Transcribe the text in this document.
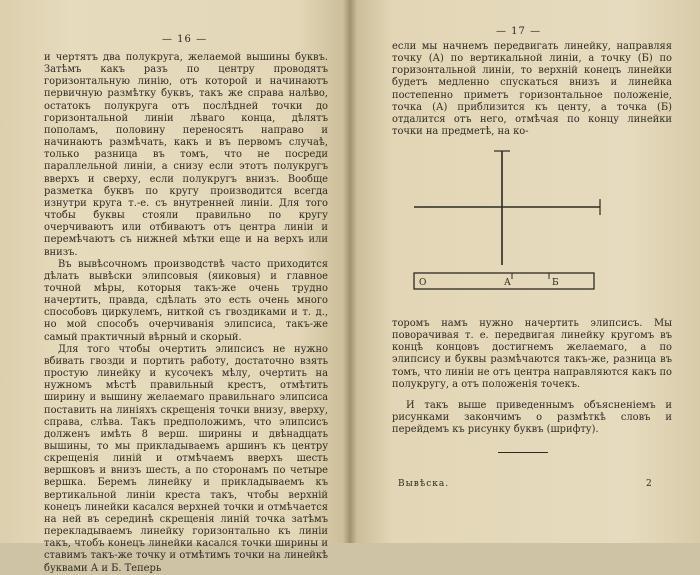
— 16 —

и чертятъ два полукруга, желаемой вышины буквъ. Затѣмъ какъ разъ по центру проводятъ горизонтальную линію, отъ которой и начинаютъ первичную размѣтку буквъ, такъ же справа налѣво, остатокъ полукруга отъ послѣдней точки до горизонтальной линіи лѣваго конца, дѣлятъ пополамъ, половину переносятъ направо и начинаютъ размѣчать, какъ и въ первомъ случаѣ, только разница въ томъ, что не посреди параллельной линіи, а снизу если этотъ полукругъ вверхъ и сверху, если полукругъ внизъ. Вообще разметка буквъ по кругу производится всегда изнутри круга т.-е. съ внутренней линіи. Для того чтобы буквы стояли правильно по кругу очерчиваютъ или отбиваютъ отъ центра линіи и перемѣчаютъ съ нижней мѣтки еще и на верхъ или внизъ.

Въ вывѣсочномъ производствѣ часто приходится дѣлать вывѣски элипсовыя (яиковыя) и главное точной мѣры, которыя такъ-же очень трудно начертить, правда, сдѣлать это есть очень много способовъ циркулемъ, ниткой съ гвоздиками и т. д., но мой способъ очерчиванія элипсиса, такъ-же самый практичный вѣрный и скорый.

Для того чтобы очертить элипсисъ не нужно вбивать гвозди и портить работу, достаточно взять простую линейку и кусочекъ мѣлу, очертить на нужномъ мѣстѣ правильный крестъ, отмѣтить ширину и вышину желаемаго правильнаго элипсиса поставить на линіяхъ скрещенія точки внизу, вверху, справа, слѣва. Такъ предположимъ, что элипсисъ долженъ имѣть 8 верш. ширины и двѣнадцать вышины, то мы прикладываемъ аршинъ къ центру скрещенія линій и отмѣчаемъ вверхъ шесть вершковъ и внизъ шесть, а по сторонамъ по четыре вершка. Беремъ линейку и прикладываемъ къ вертикальной линіи креста такъ, чтобы верхній конецъ линейки касался верхней точки и отмѣчается на ней въ серединѣ скрещенія линій точка затѣмъ перекладываемъ линейку горизонтально къ линіи такъ, чтобъ конецъ линейки касался точки ширины и ставимъ такъ-же точку и отмѣтимъ точки на линейкѣ буквами А и Б. Теперь

— 17 —

если мы начнемъ передвигать линейку, направляя точку (А) по вертикальной линіи, а точку (Б) по горизонтальной линіи, то верхній конецъ линейки будетъ медленно спускаться внизъ и линейка постепенно приметъ горизонтальное положеніе, точка (А) приблизится къ центу, а точка (Б) отдалится отъ него, отмѣчая по концу линейки точки на предметѣ, на ко-

О	А	Б

торомъ намъ нужно начертить элипсисъ. Мы поворачивая т. е. передвигая линейку кругомъ въ концѣ концовъ достигнемъ желаемаго, а по элипсису и буквы размѣчаются такъ-же, разница въ томъ, что линіи не отъ центра направляются какъ по полукругу, а отъ положенія точекъ.

И такъ выше приведеннымъ объясненіемъ и рисунками закончимъ о размѣткѣ словъ и перейдемъ къ рисунку буквъ (шрифту).

Вывѣска.	2
